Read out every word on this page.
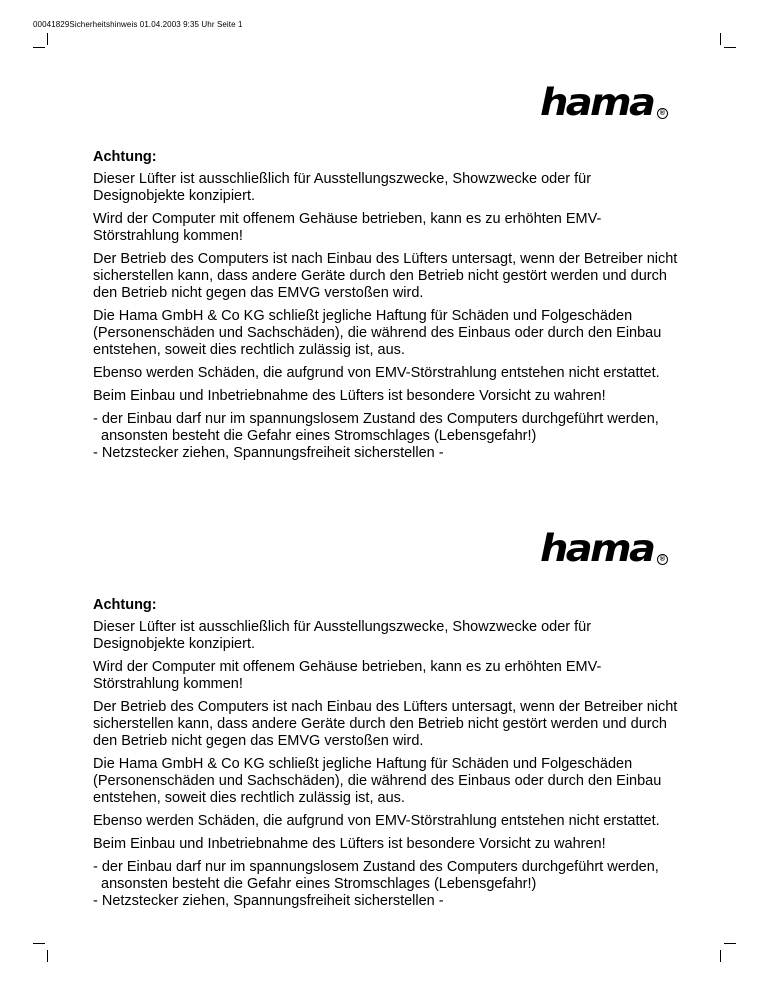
00041829Sicherheitshinweis 01.04.2003 9:35 Uhr Seite 1
hama ®

Achtung:

Dieser Lüfter ist ausschließlich für Ausstellungszwecke, Showzwecke oder für Designobjekte konzipiert.

Wird der Computer mit offenem Gehäuse betrieben, kann es zu erhöhten EMV-Störstrahlung kommen!

Der Betrieb des Computers ist nach Einbau des Lüfters untersagt, wenn der Betreiber nicht sicherstellen kann, dass andere Geräte durch den Betrieb nicht gestört werden und durch den Betrieb nicht gegen das EMVG verstoßen wird.

Die Hama GmbH & Co KG schließt jegliche Haftung für Schäden und Folgeschäden (Personenschäden und Sachschäden), die während des Einbaus oder durch den Einbau entstehen, soweit dies rechtlich zulässig ist, aus.

Ebenso werden Schäden, die aufgrund von EMV-Störstrahlung entstehen nicht erstattet.

Beim Einbau und Inbetriebnahme des Lüfters ist besondere Vorsicht zu wahren!

- der Einbau darf nur im spannungslosem Zustand des Computers durchgeführt werden,
ansonsten besteht die Gefahr eines Stromschlages (Lebensgefahr!)
- Netzstecker ziehen, Spannungsfreiheit sicherstellen -
hama ®

Achtung:

Dieser Lüfter ist ausschließlich für Ausstellungszwecke, Showzwecke oder für Designobjekte konzipiert.

Wird der Computer mit offenem Gehäuse betrieben, kann es zu erhöhten EMV-Störstrahlung kommen!

Der Betrieb des Computers ist nach Einbau des Lüfters untersagt, wenn der Betreiber nicht sicherstellen kann, dass andere Geräte durch den Betrieb nicht gestört werden und durch den Betrieb nicht gegen das EMVG verstoßen wird.

Die Hama GmbH & Co KG schließt jegliche Haftung für Schäden und Folgeschäden (Personenschäden und Sachschäden), die während des Einbaus oder durch den Einbau entstehen, soweit dies rechtlich zulässig ist, aus.

Ebenso werden Schäden, die aufgrund von EMV-Störstrahlung entstehen nicht erstattet.

Beim Einbau und Inbetriebnahme des Lüfters ist besondere Vorsicht zu wahren!

- der Einbau darf nur im spannungslosem Zustand des Computers durchgeführt werden,
ansonsten besteht die Gefahr eines Stromschlages (Lebensgefahr!)
- Netzstecker ziehen, Spannungsfreiheit sicherstellen -
